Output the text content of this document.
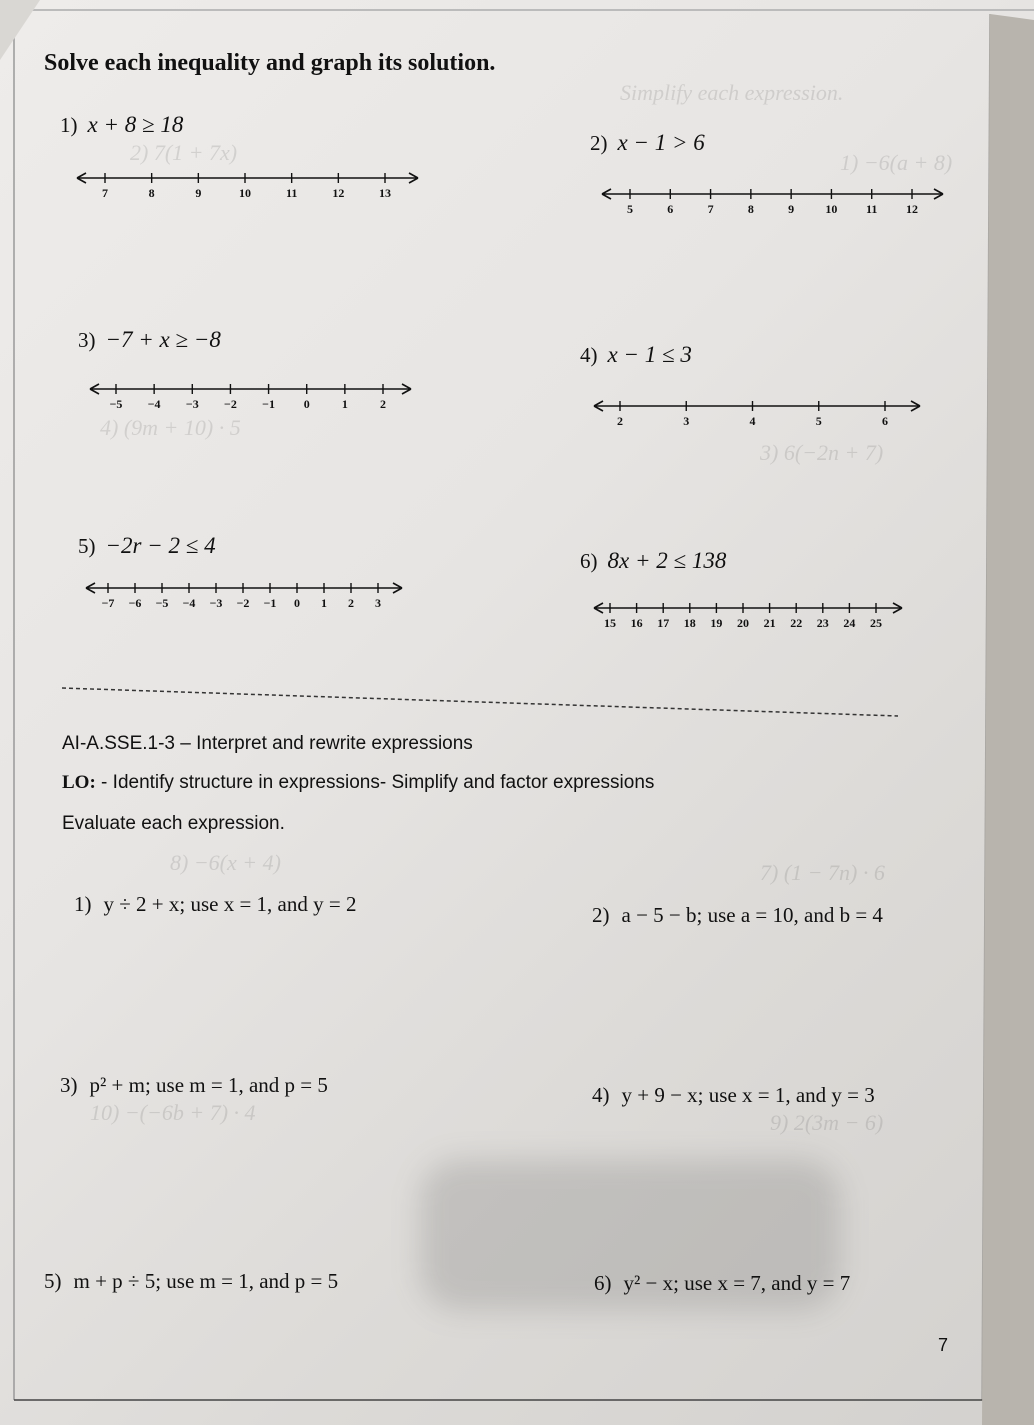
Simplify each expression.
1) −6(a + 8)
2) 7(1 + 7x)
4) (9m + 10) · 5
3) 6(−2n + 7)
8) −6(x + 4)	7) (1 − 7n) · 6
10) −(−6b + 7) · 4	9) 2(3m − 6)
Solve each inequality and graph its solution.
1) x + 8 ≥ 18
7	8	9	10	11	12	13
2) x − 1 > 6
5	6	7	8	9	10 11 12
3) −7 + x ≥ −8
−5 −4 −3 −2 −1 0	1	2
4) x − 1 ≤ 3
2	3	4	5	6
5) −2r − 2 ≤ 4
−7 −6 −5 −4 −3 −2 −1 0 1 2 3
6) 8x + 2 ≤ 138
15 16 17 18 19 20 21 22 23 24 25
AI-A.SSE.1-3 – Interpret and rewrite expressions
LO: - Identify structure in expressions- Simplify and factor expressions
Evaluate each expression.
1) y ÷ 2 + x; use x = 1, and y = 2	2) a − 5 − b; use a = 10, and b = 4
3) p² + m; use m = 1, and p = 5	4) y + 9 − x; use x = 1, and y = 3
5) m + p ÷ 5; use m = 1, and p = 5	6) y² − x; use x = 7, and y = 7
7
